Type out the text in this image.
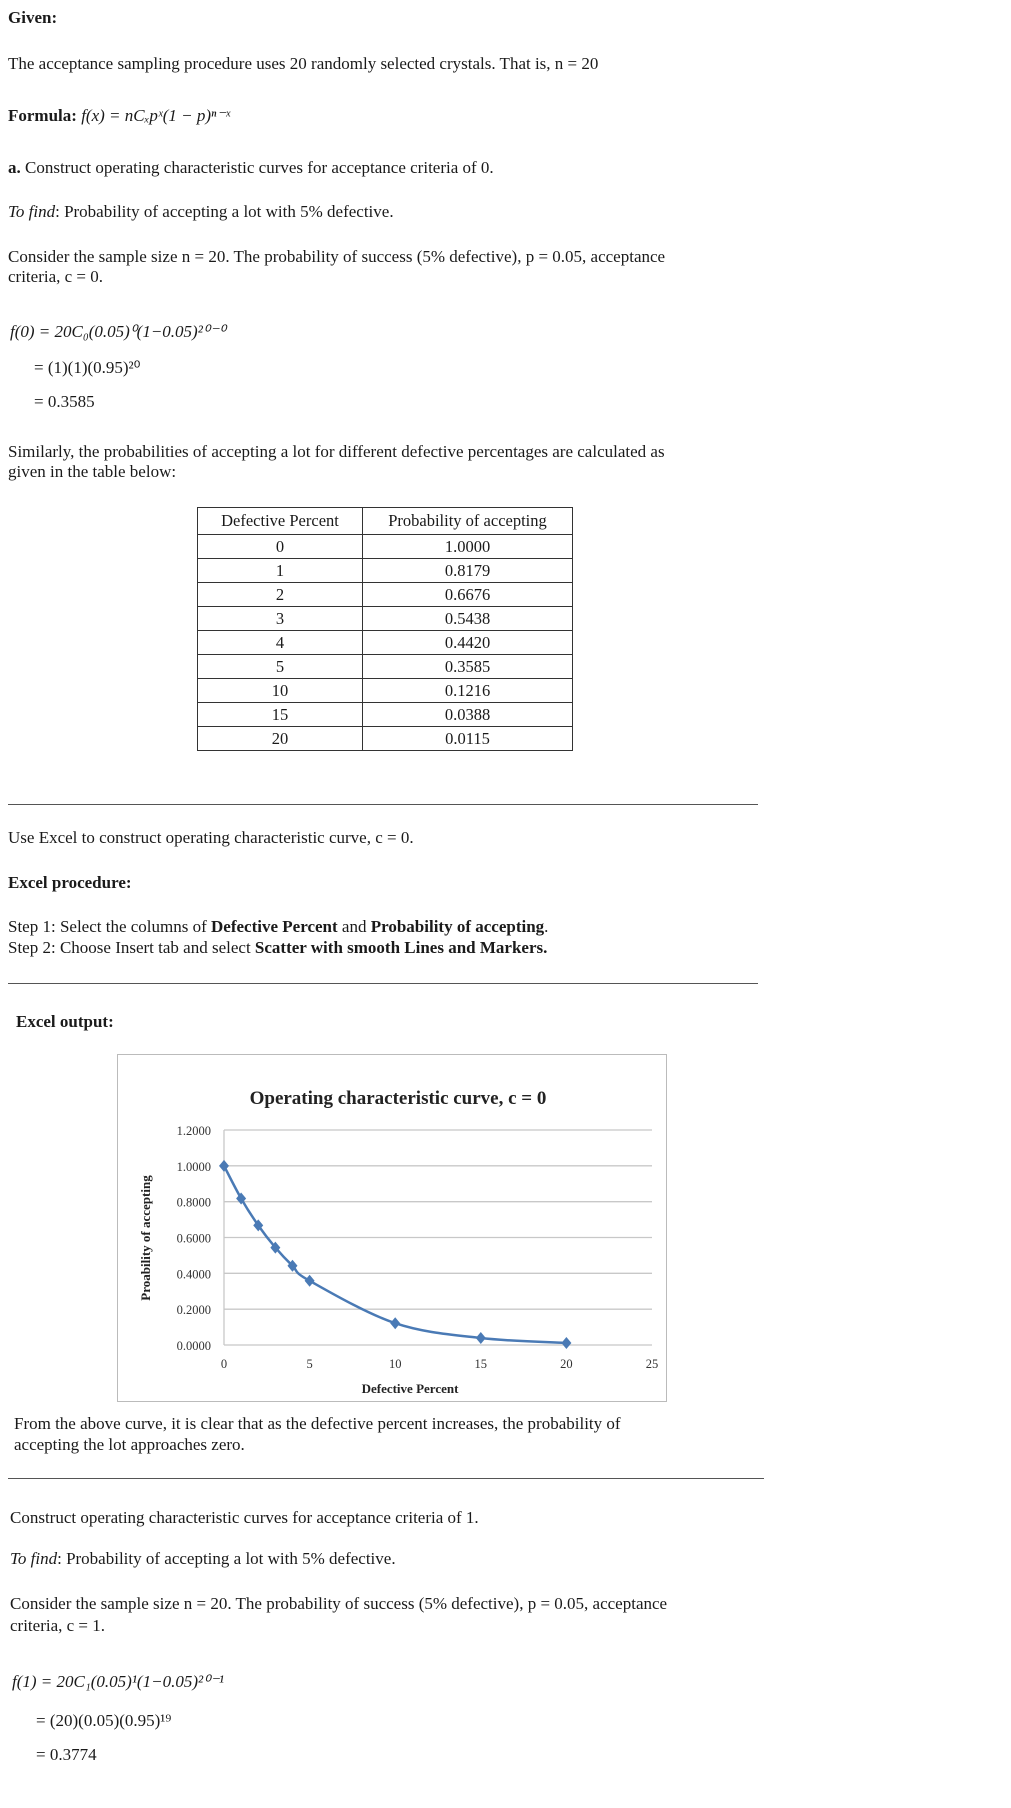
Given:
The acceptance sampling procedure uses 20 randomly selected crystals. That is, n = 20
Formula: f(x) = nCₓpˣ(1 − p)ⁿ⁻ˣ
a. Construct operating characteristic curves for acceptance criteria of 0.
To find: Probability of accepting a lot with 5% defective.
Consider the sample size n = 20. The probability of success (5% defective), p = 0.05, acceptance
criteria, c = 0.
f(0) = 20C₀(0.05)⁰(1−0.05)²⁰⁻⁰
= (1)(1)(0.95)²⁰
= 0.3585
Similarly, the probabilities of accepting a lot for different defective percentages are calculated as
given in the table below:
Defective Percent	Probability of accepting
0	1.0000
1	0.8179
2	0.6676
3	0.5438
4	0.4420
5	0.3585
10	0.1216
15	0.0388
20	0.0115
Use Excel to construct operating characteristic curve, c = 0.
Excel procedure:
Step 1: Select the columns of Defective Percent and Probability of accepting.
Step 2: Choose Insert tab and select Scatter with smooth Lines and Markers.
Excel output:
Operating characteristic curve, c = 0
Defective Percent
Proability of accepting
0.0000
0.2000
0.4000
0.6000
0.8000
1.0000
1.2000
0	5	10	15	20	25
From the above curve, it is clear that as the defective percent increases, the probability of
accepting the lot approaches zero.
Construct operating characteristic curves for acceptance criteria of 1.
To find: Probability of accepting a lot with 5% defective.
Consider the sample size n = 20. The probability of success (5% defective), p = 0.05, acceptance
criteria, c = 1.
f(1) = 20C₁(0.05)¹(1−0.05)²⁰⁻¹
= (20)(0.05)(0.95)¹⁹
= 0.3774
